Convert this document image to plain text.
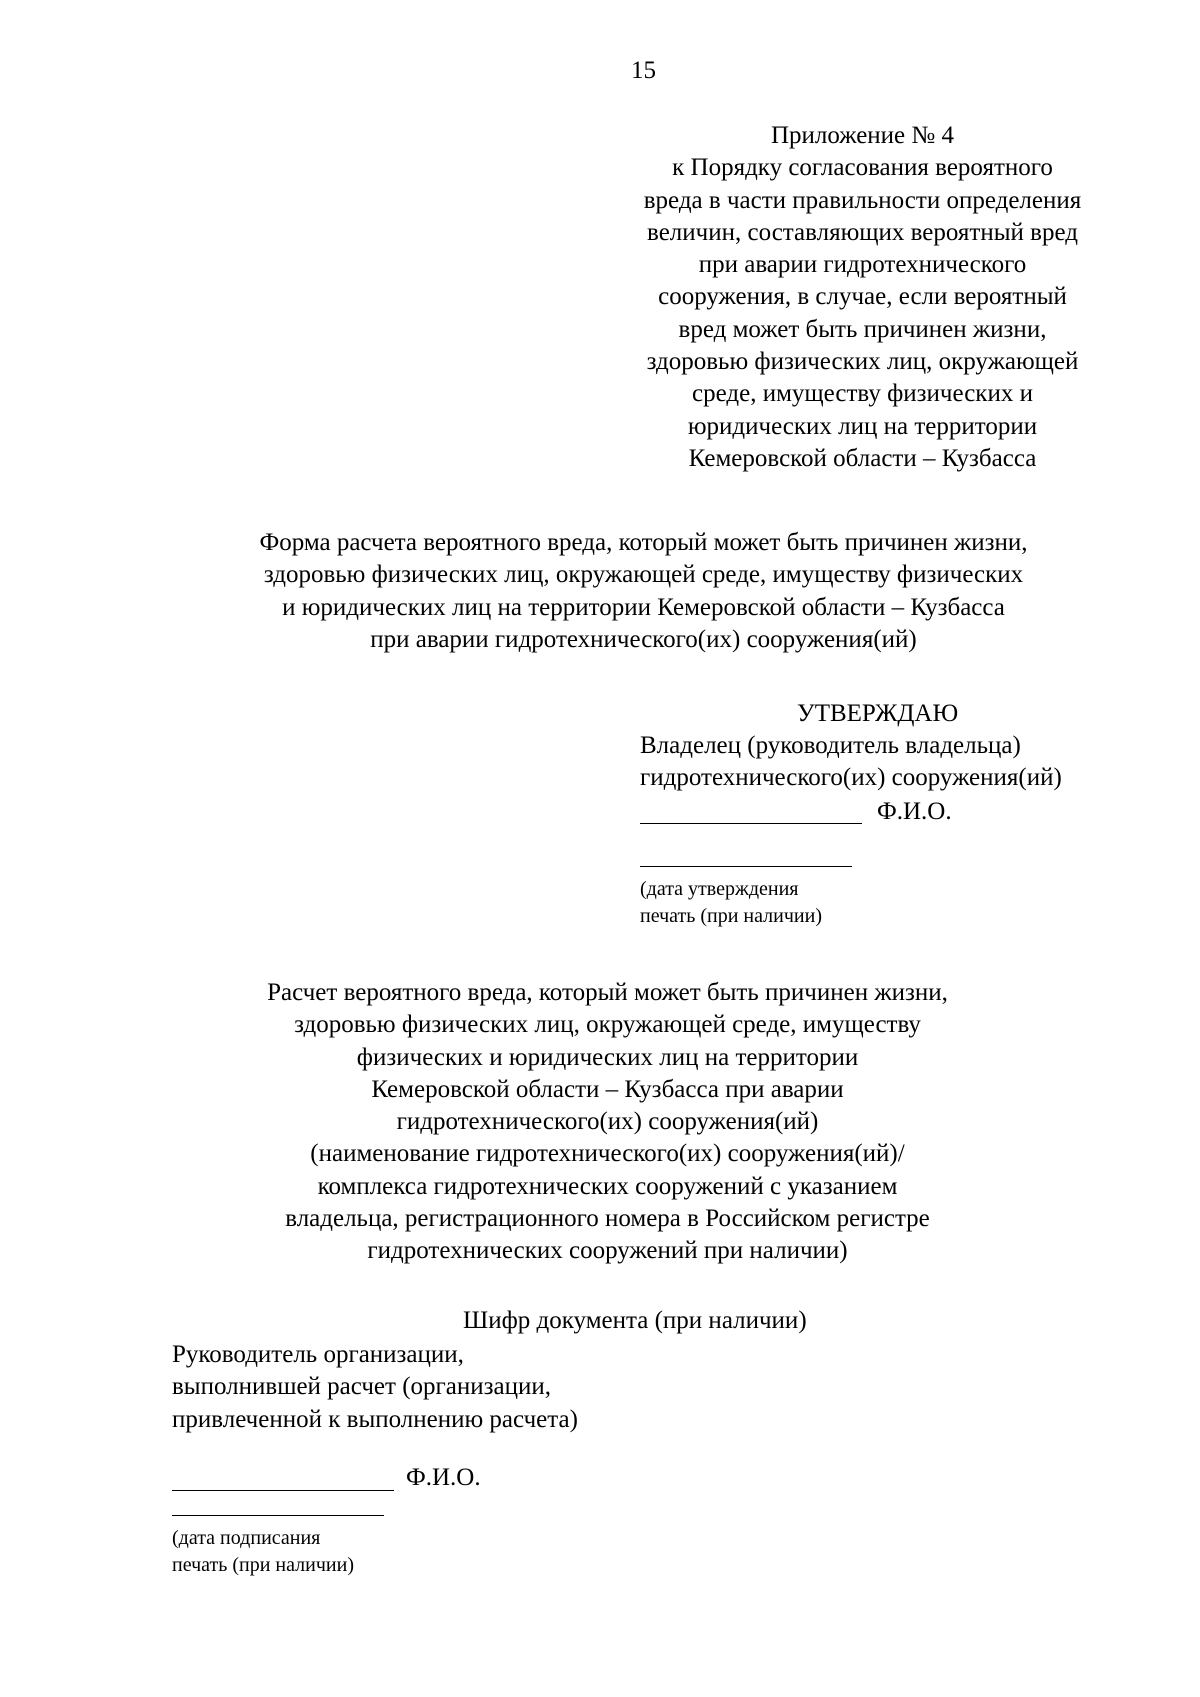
15
Приложение № 4
к Порядку согласования вероятного
вреда в части правильности определения
величин, составляющих вероятный вред
при аварии гидротехнического
сооружения, в случае, если вероятный
вред может быть причинен жизни,
здоровью физических лиц, окружающей
среде, имуществу физических и
юридических лиц на территории
Кемеровской области – Кузбасса
Форма расчета вероятного вреда, который может быть причинен жизни,
здоровью физических лиц, окружающей среде, имуществу физических
и юридических лиц на территории Кемеровской области – Кузбасса
при аварии гидротехнического(их) сооружения(ий)
УТВЕРЖДАЮ
Владелец (руководитель владельца)
гидротехнического(их) сооружения(ий)
Ф.И.О.
(дата утверждения
печать (при наличии)
Расчет вероятного вреда, который может быть причинен жизни,
здоровью физических лиц, окружающей среде, имуществу
физических и юридических лиц на территории
Кемеровской области – Кузбасса при аварии
гидротехнического(их) сооружения(ий)
(наименование гидротехнического(их) сооружения(ий)/
комплекса гидротехнических сооружений с указанием
владельца, регистрационного номера в Российском регистре
гидротехнических сооружений при наличии)
Шифр документа (при наличии)
Руководитель организации,
выполнившей расчет (организации,
привлеченной к выполнению расчета)
Ф.И.О.
(дата подписания
печать (при наличии)
